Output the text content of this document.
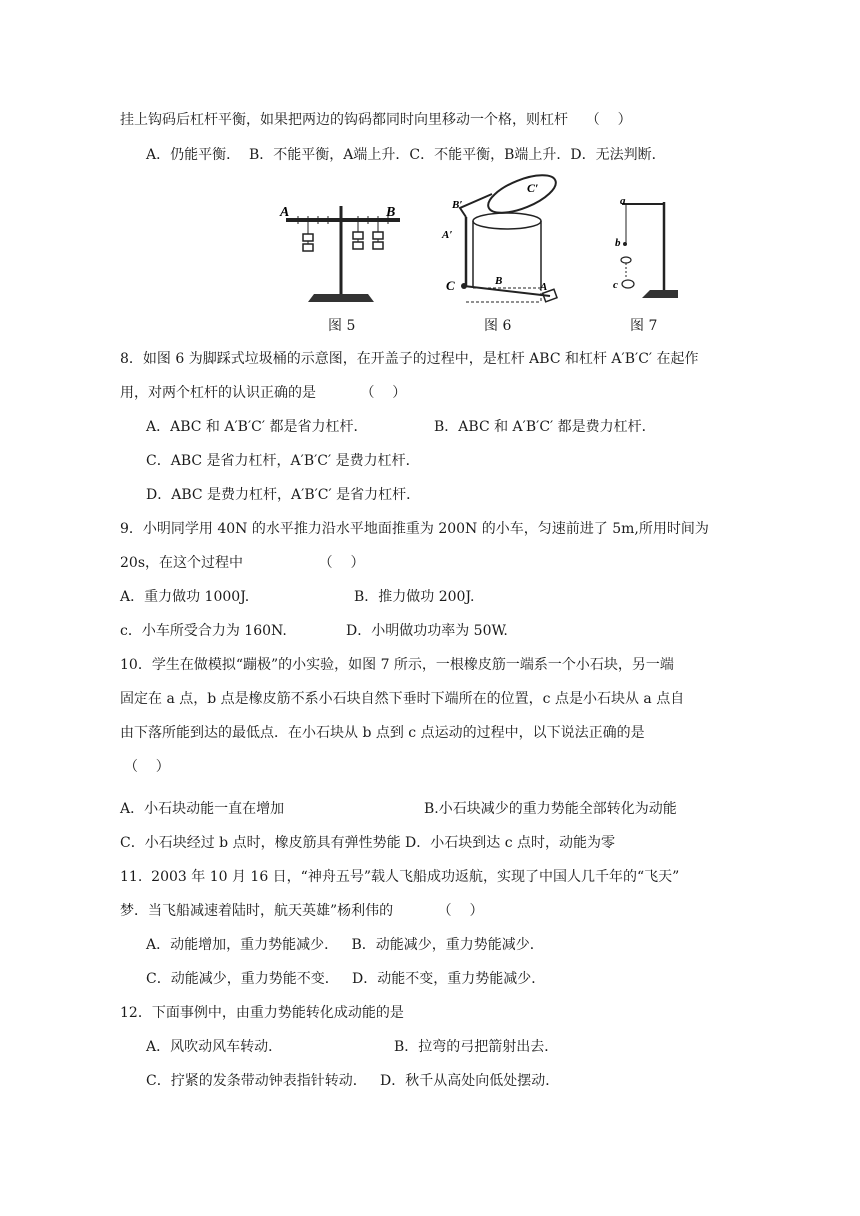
挂上钩码后杠杆平衡，如果把两边的钩码都同时向里移动一个格，则杠杆    （    ）
A．仍能平衡．  B．不能平衡，A端上升．C．不能平衡，B端上升．D．无法判断．
A	B
图 5
B′
C′
A′
C	B	A
图 6
a
b
c
图 7
8．如图 6 为脚踩式垃圾桶的示意图，在开盖子的过程中，是杠杆 ABC 和杠杆 A′B′C′ 在起作
用，对两个杠杆的认识正确的是          （    ）
A．ABC 和 A′B′C′ 都是省力杠杆．	B．ABC 和 A′B′C′ 都是费力杠杆．
C．ABC 是省力杠杆，A′B′C′ 是费力杠杆．
D．ABC 是费力杠杆，A′B′C′ 是省力杠杆．
9．小明同学用 40N 的水平推力沿水平地面推重为 200N 的小车，匀速前进了 5m,所用时间为
20s，在这个过程中                 （    ）
A．重力做功 1000J.	B．推力做功 200J.
c．小车所受合力为 160N.	D．小明做功功率为 50W.
10．学生在做模拟“蹦极”的小实验，如图 7 所示，一根橡皮筋一端系一个小石块，另一端
固定在 a 点，b 点是橡皮筋不系小石块自然下垂时下端所在的位置，c 点是小石块从 a 点自
由下落所能到达的最低点．在小石块从 b 点到 c 点运动的过程中，以下说法正确的是
（    ）
A．小石块动能一直在增加	B.小石块减少的重力势能全部转化为动能
C．小石块经过 b 点时，橡皮筋具有弹性势能 D．小石块到达 c 点时，动能为零
11.  2003 年 10 月 16 日，“神舟五号”载人飞船成功返航，实现了中国人几千年的“飞天”
梦．当飞船减速着陆时，航天英雄”杨利伟的          （    ）
A．动能增加，重力势能减少．   B．动能减少，重力势能减少．
C．动能减少，重力势能不变．   D．动能不变，重力势能减少．
12．下面事例中，由重力势能转化成动能的是
A．风吹动风车转动．	B．拉弯的弓把箭射出去．
C．拧紧的发条带动钟表指针转动．   D．秋千从高处向低处摆动．
